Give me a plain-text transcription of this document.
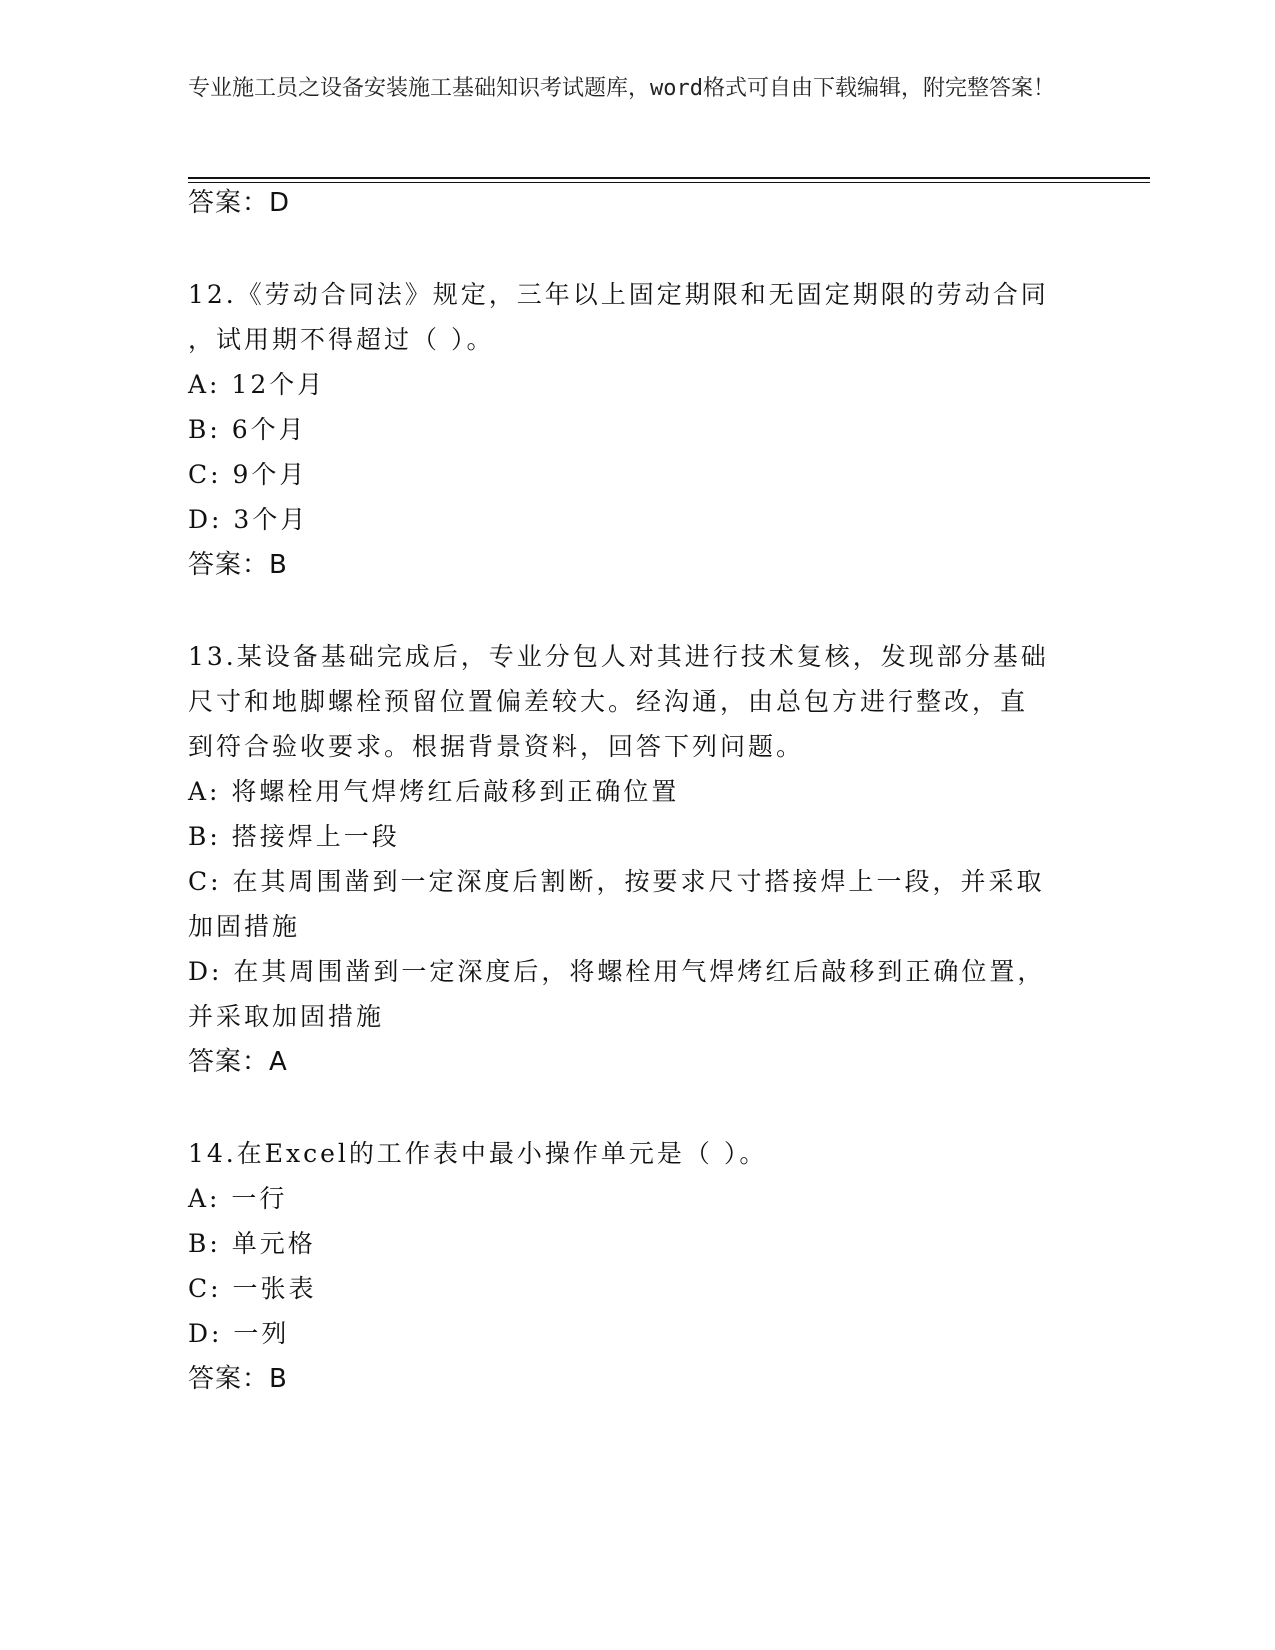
专业施工员之设备安装施工基础知识考试题库，word格式可自由下载编辑，附完整答案！
答案：D
12.《劳动合同法》规定，三年以上固定期限和无固定期限的劳动合同
，试用期不得超过（ ）。
A: 12个月
B: 6个月
C: 9个月
D: 3个月
答案：B
13.某设备基础完成后，专业分包人对其进行技术复核，发现部分基础
尺寸和地脚螺栓预留位置偏差较大。经沟通，由总包方进行整改，直
到符合验收要求。根据背景资料，回答下列问题。
A: 将螺栓用气焊烤红后敲移到正确位置
B: 搭接焊上一段
C: 在其周围凿到一定深度后割断，按要求尺寸搭接焊上一段，并采取
加固措施
D: 在其周围凿到一定深度后，将螺栓用气焊烤红后敲移到正确位置，
并采取加固措施
答案：A
14.在Excel的工作表中最小操作单元是（ ）。
A: 一行
B: 单元格
C: 一张表
D: 一列
答案：B
